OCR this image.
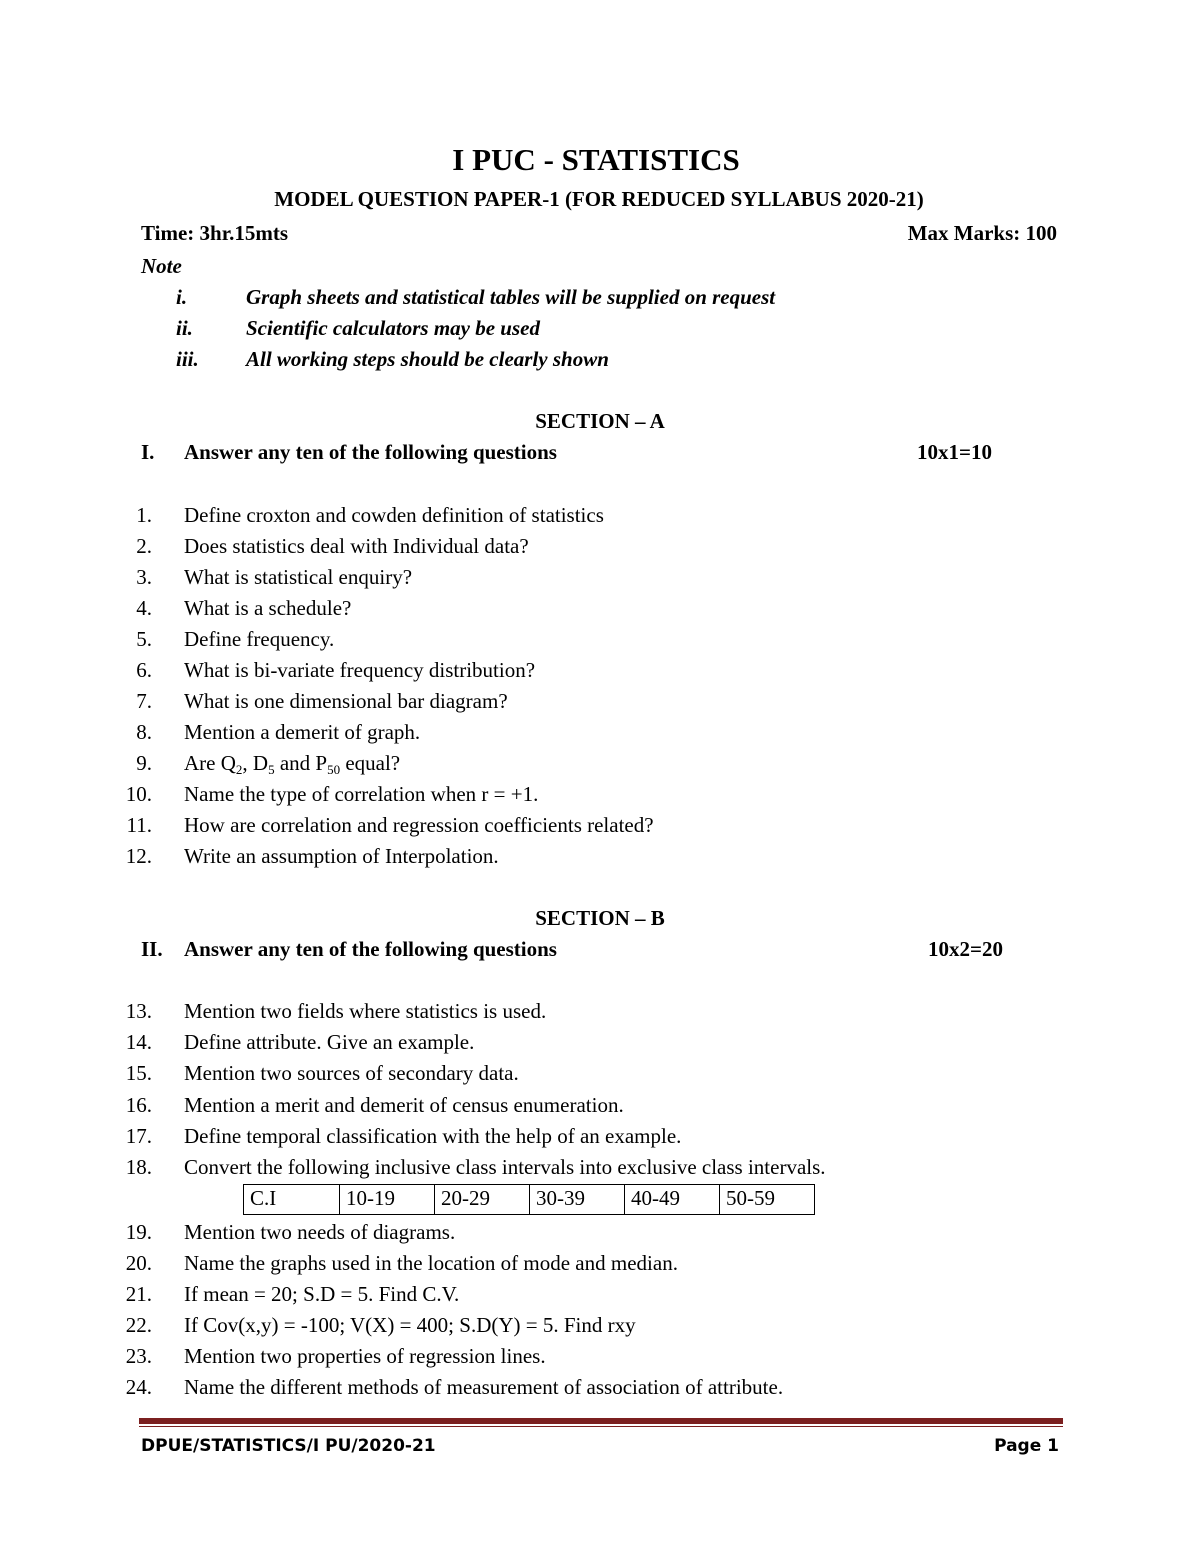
I PUC - STATISTICS
MODEL QUESTION PAPER-1 (FOR REDUCED SYLLABUS 2020-21)
Time: 3hr.15mts	Max Marks: 100
Note
i.	Graph sheets and statistical tables will be supplied on request
ii.	Scientific calculators may be used
iii. All working steps should be clearly shown
SECTION – A
I. Answer any ten of the following questions	10x1=10
1. Define croxton and cowden definition of statistics
2. Does statistics deal with Individual data?
3. What is statistical enquiry?
4. What is a schedule?
5. Define frequency.
6. What is bi-variate frequency distribution?
7. What is one dimensional bar diagram?
8. Mention a demerit of graph.
9. Are $Q_2$, $D_5$ and $P_{50}$ equal?
10. Name the type of correlation when r = +1.
11. How are correlation and regression coefficients related?
12. Write an assumption of Interpolation.
SECTION – B
II. Answer any ten of the following questions	10x2=20
13. Mention two fields where statistics is used.
14. Define attribute. Give an example.
15. Mention two sources of secondary data.
16. Mention a merit and demerit of census enumeration.
17. Define temporal classification with the help of an example.
18. Convert the following inclusive class intervals into exclusive class intervals.
C.I	10-19	20-29	30-39	40-49	50-59
19. Mention two needs of diagrams.
20. Name the graphs used in the location of mode and median.
21. If mean = 20; S.D = 5. Find C.V.
22. If Cov(x,y) = -100; V(X) = 400; S.D(Y) = 5. Find rxy
23. Mention two properties of regression lines.
24. Name the different methods of measurement of association of attribute.
DPUE/STATISTICS/I PU/2020-21	Page 1
